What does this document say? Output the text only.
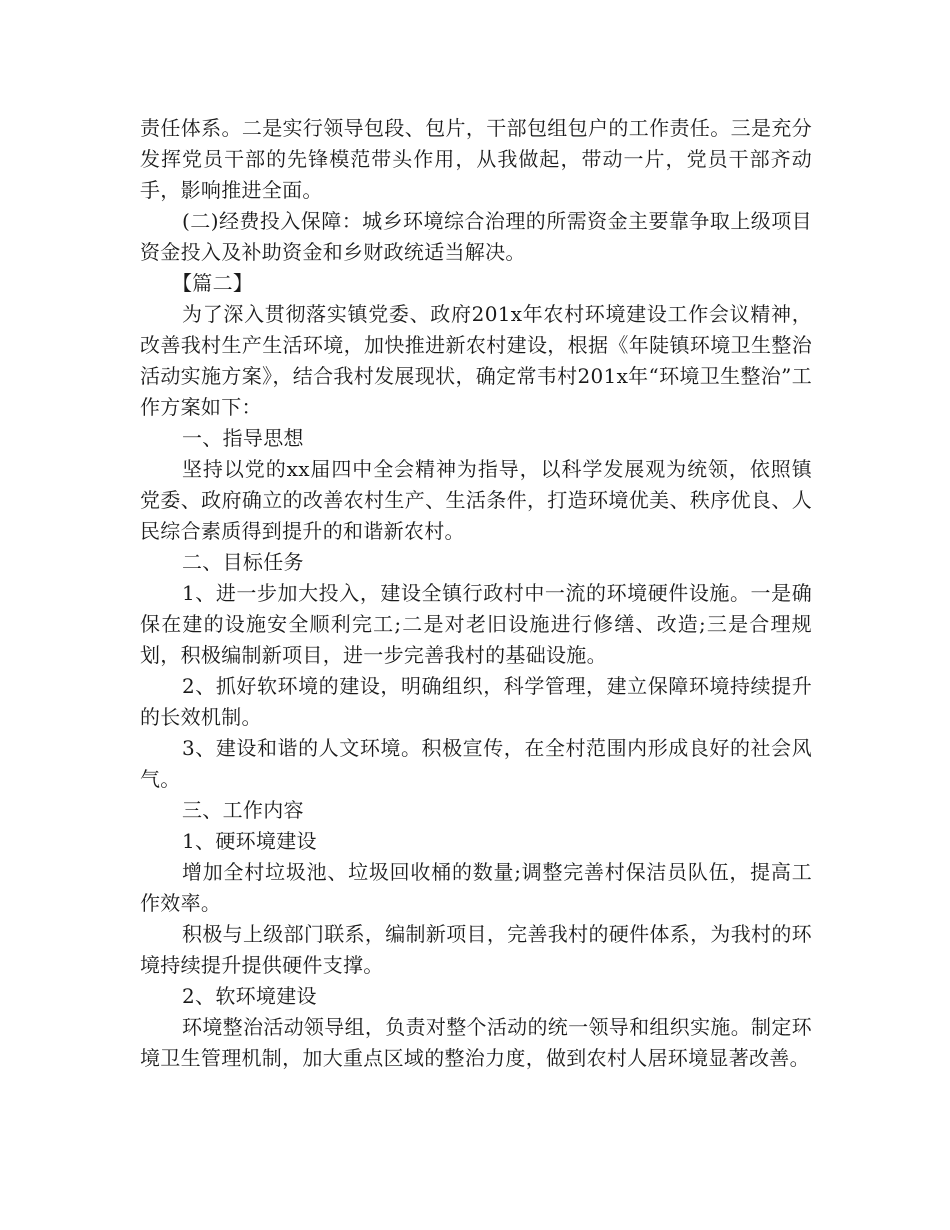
责任体系。二是实行领导包段、包片，干部包组包户的工作责任。三是充分发挥党员干部的先锋模范带头作用，从我做起，带动一片，党员干部齐动手，影响推进全面。

(二)经费投入保障：城乡环境综合治理的所需资金主要靠争取上级项目资金投入及补助资金和乡财政统适当解决。

【篇二】

为了深入贯彻落实镇党委、政府201x年农村环境建设工作会议精神，改善我村生产生活环境，加快推进新农村建设，根据《年陡镇环境卫生整治活动实施方案》，结合我村发展现状，确定常韦村201x年“环境卫生整治”工作方案如下：

一、指导思想

坚持以党的xx届四中全会精神为指导，以科学发展观为统领，依照镇党委、政府确立的改善农村生产、生活条件，打造环境优美、秩序优良、人民综合素质得到提升的和谐新农村。

二、目标任务

1、进一步加大投入，建设全镇行政村中一流的环境硬件设施。一是确保在建的设施安全顺利完工;二是对老旧设施进行修缮、改造;三是合理规划，积极编制新项目，进一步完善我村的基础设施。

2、抓好软环境的建设，明确组织，科学管理，建立保障环境持续提升的长效机制。

3、建设和谐的人文环境。积极宣传，在全村范围内形成良好的社会风气。

三、工作内容

1、硬环境建设

增加全村垃圾池、垃圾回收桶的数量;调整完善村保洁员队伍，提高工作效率。

积极与上级部门联系，编制新项目，完善我村的硬件体系，为我村的环境持续提升提供硬件支撑。

2、软环境建设

环境整治活动领导组，负责对整个活动的统一领导和组织实施。制定环境卫生管理机制，加大重点区域的整治力度，做到农村人居环境显著改善。
